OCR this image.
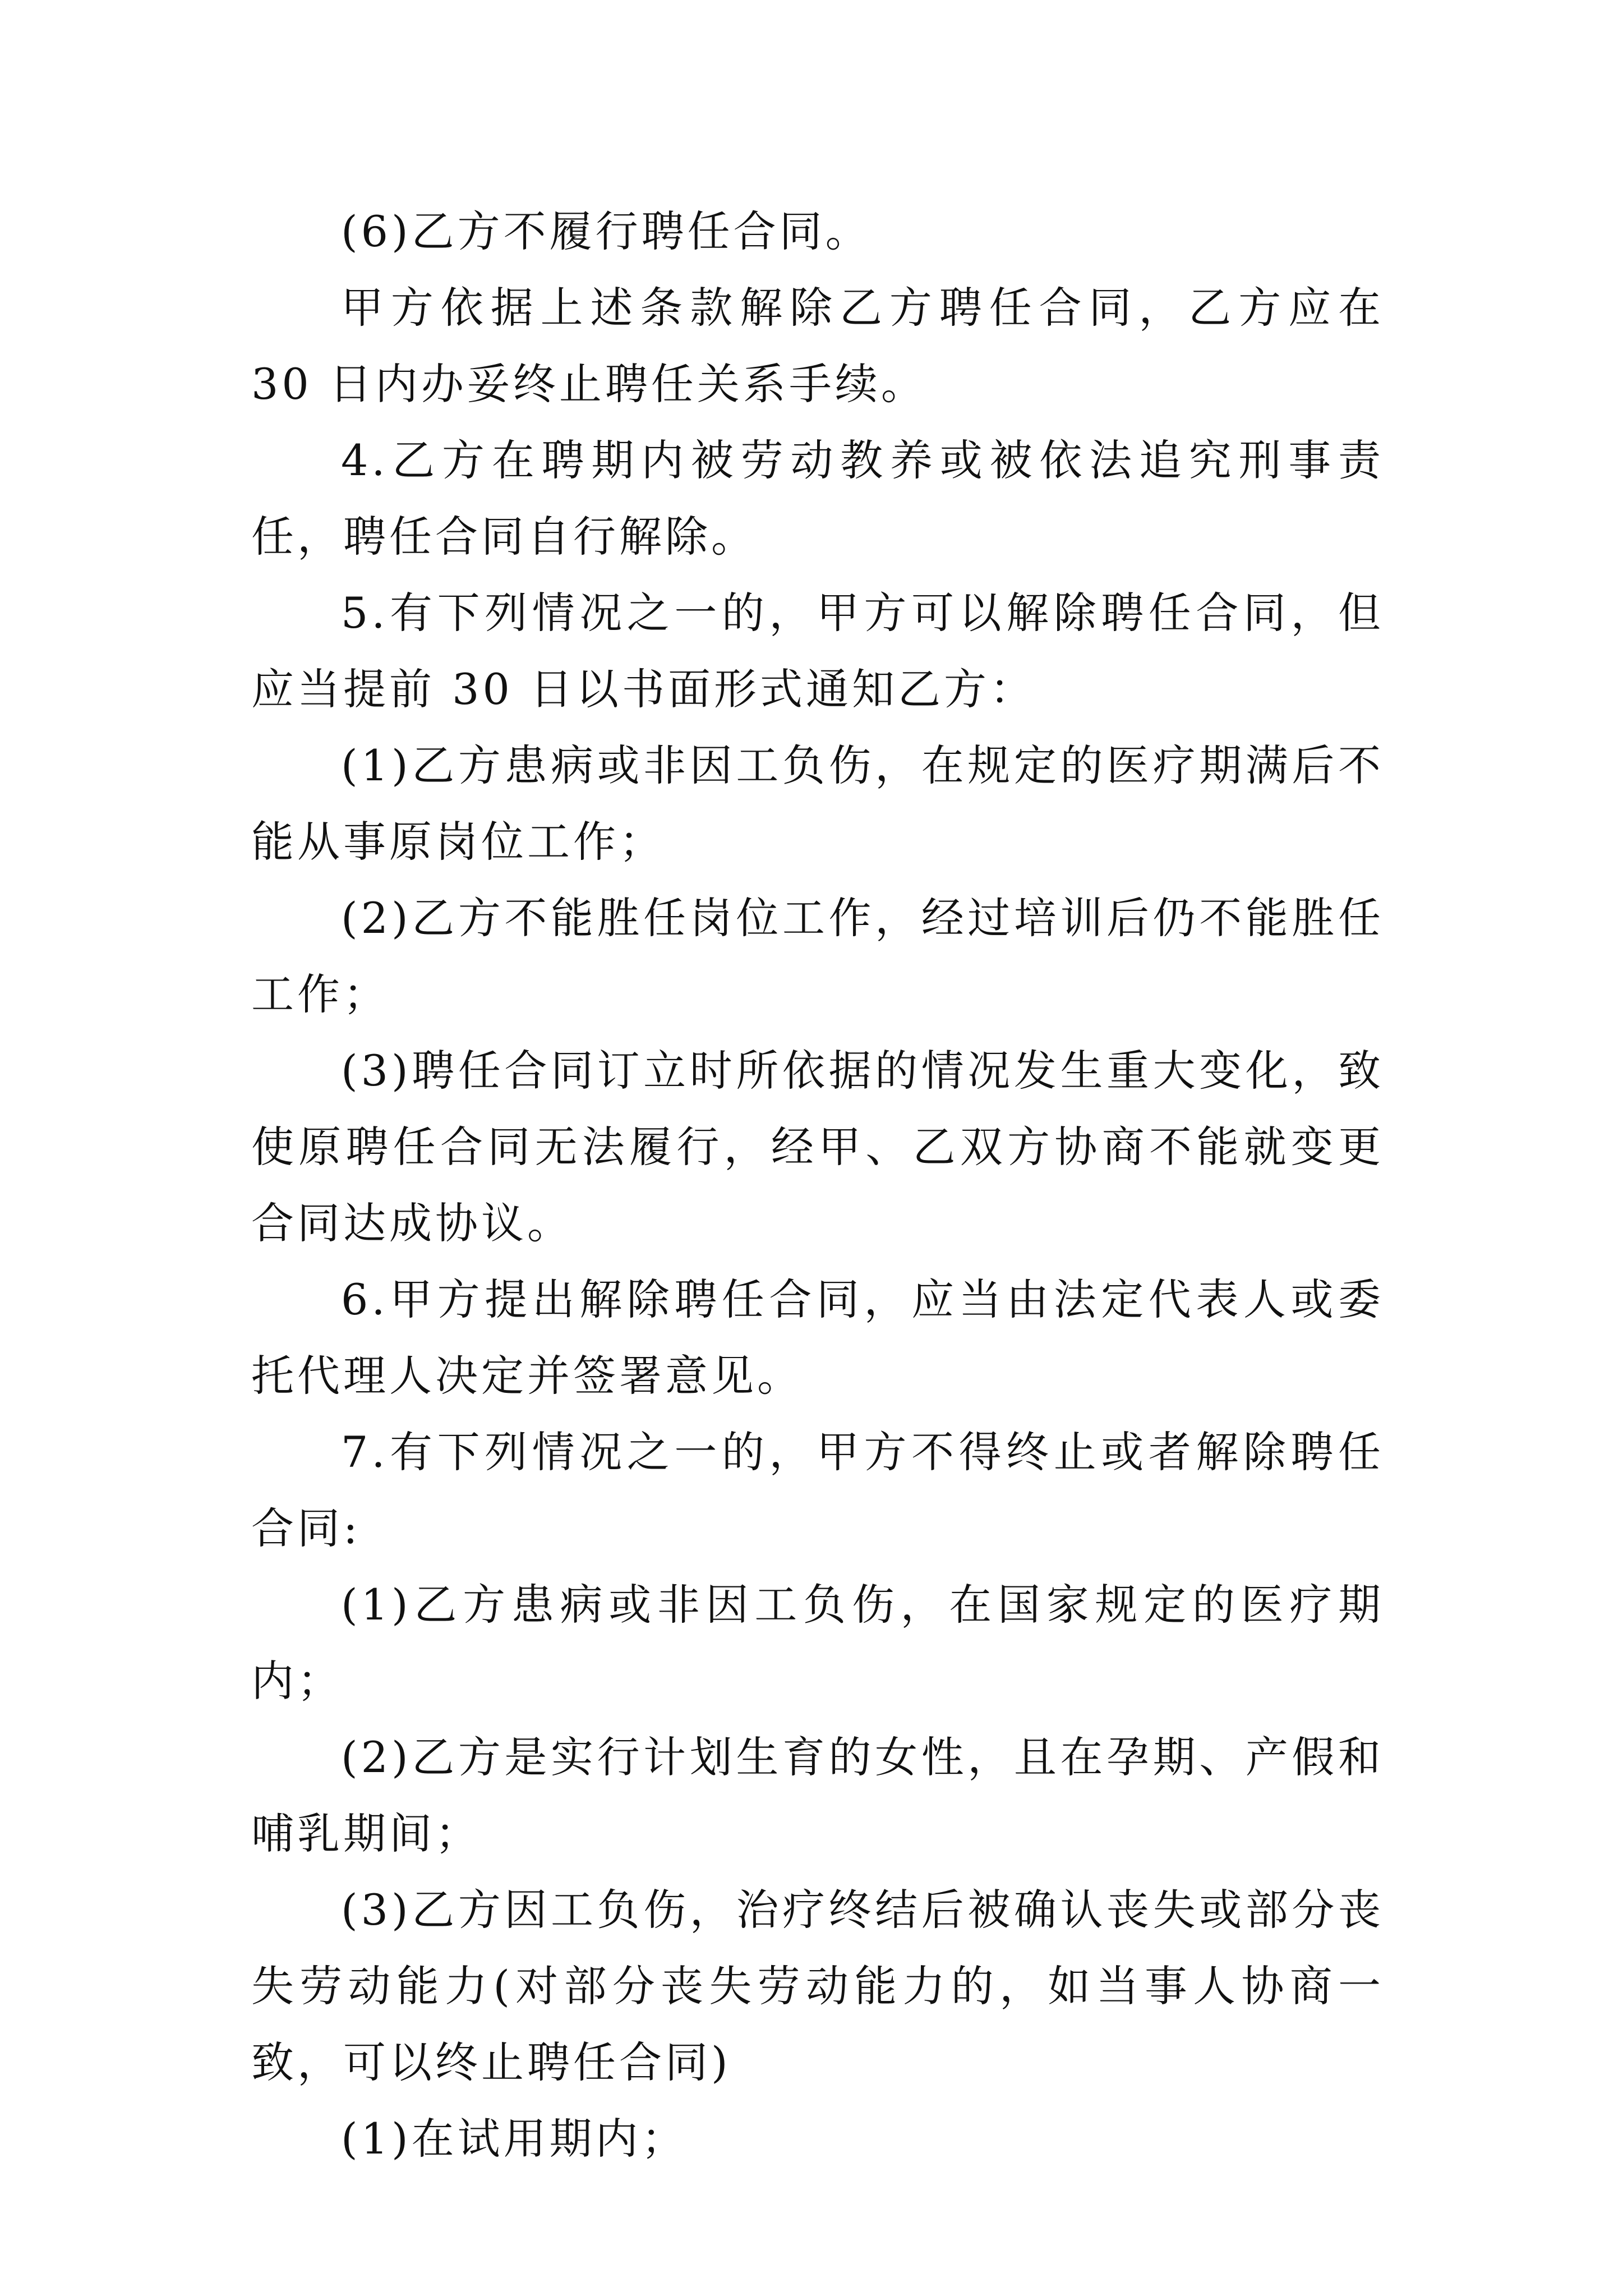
(6)乙方不履行聘任合同。

甲方依据上述条款解除乙方聘任合同，乙方应在 30 日内办妥终止聘任关系手续。

4.乙方在聘期内被劳动教养或被依法追究刑事责任，聘任合同自行解除。

5.有下列情况之一的，甲方可以解除聘任合同，但应当提前 30 日以书面形式通知乙方：

(1)乙方患病或非因工负伤，在规定的医疗期满后不能从事原岗位工作；

(2)乙方不能胜任岗位工作，经过培训后仍不能胜任工作；

(3)聘任合同订立时所依据的情况发生重大变化，致使原聘任合同无法履行，经甲、乙双方协商不能就变更合同达成协议。

6.甲方提出解除聘任合同，应当由法定代表人或委托代理人决定并签署意见。

7.有下列情况之一的，甲方不得终止或者解除聘任合同:

(1)乙方患病或非因工负伤，在国家规定的医疗期内；

(2)乙方是实行计划生育的女性，且在孕期、产假和哺乳期间；

(3)乙方因工负伤，治疗终结后被确认丧失或部分丧失劳动能力(对部分丧失劳动能力的，如当事人协商一致，可以终止聘任合同)

(1)在试用期内；
